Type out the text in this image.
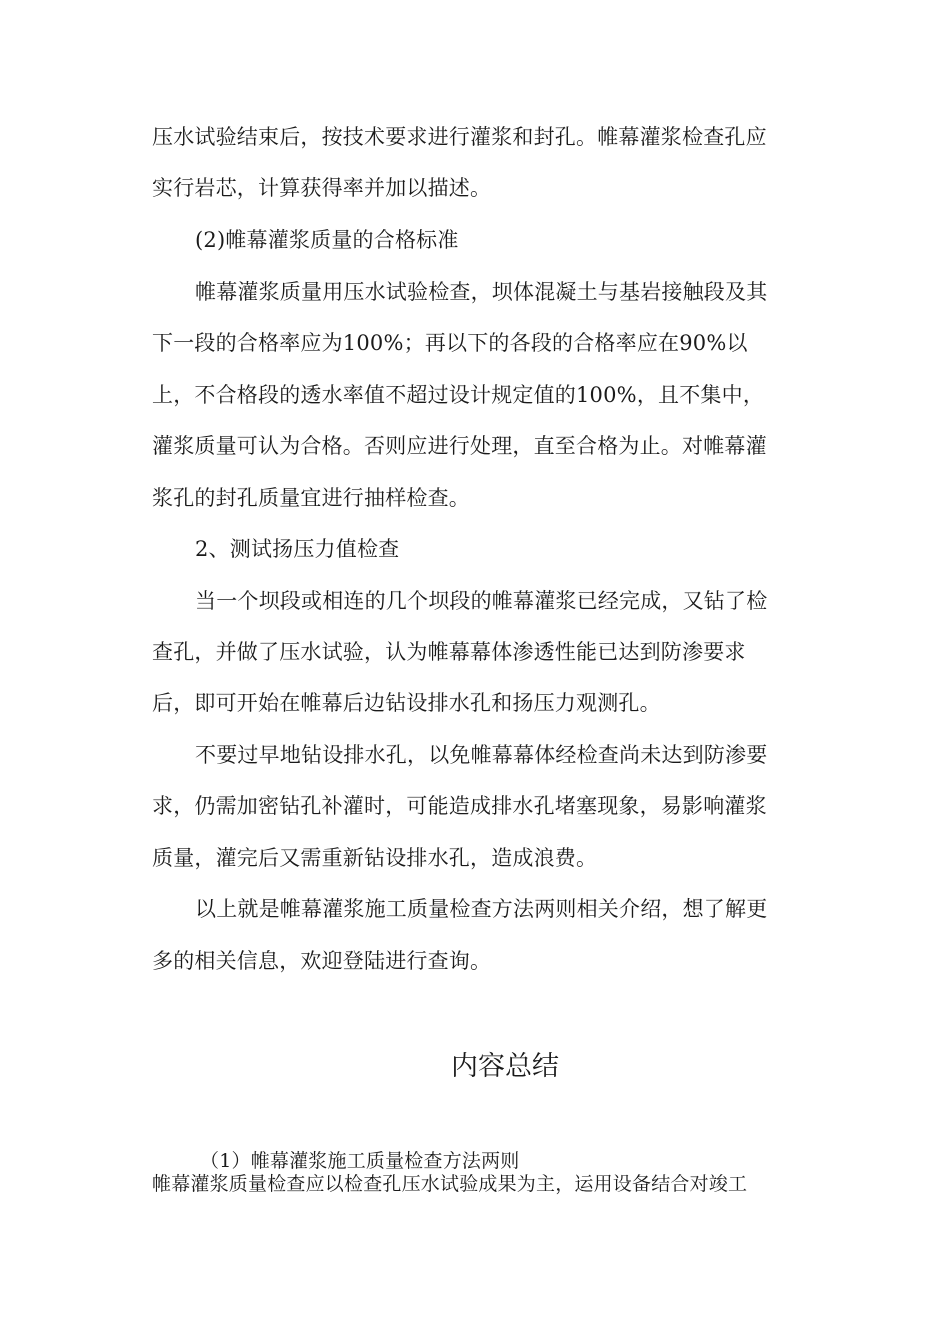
压水试验结束后，按技术要求进行灌浆和封孔。帷幕灌浆检查孔应
实行岩芯，计算获得率并加以描述。
(2)帷幕灌浆质量的合格标准
帷幕灌浆质量用压水试验检查，坝体混凝土与基岩接触段及其
下一段的合格率应为100%；再以下的各段的合格率应在90%以
上，不合格段的透水率值不超过设计规定值的100%，且不集中，
灌浆质量可认为合格。否则应进行处理，直至合格为止。对帷幕灌
浆孔的封孔质量宜进行抽样检查。
2、测试扬压力值检查
当一个坝段或相连的几个坝段的帷幕灌浆已经完成，又钻了检
查孔，并做了压水试验，认为帷幕幕体渗透性能已达到防渗要求
后，即可开始在帷幕后边钻设排水孔和扬压力观测孔。
不要过早地钻设排水孔，以免帷幕幕体经检查尚未达到防渗要
求，仍需加密钻孔补灌时，可能造成排水孔堵塞现象，易影响灌浆
质量，灌完后又需重新钻设排水孔，造成浪费。
以上就是帷幕灌浆施工质量检查方法两则相关介绍，想了解更
多的相关信息，欢迎登陆进行查询。
内容总结
（1）帷幕灌浆施工质量检查方法两则
帷幕灌浆质量检查应以检查孔压水试验成果为主，运用设备结合对竣工
